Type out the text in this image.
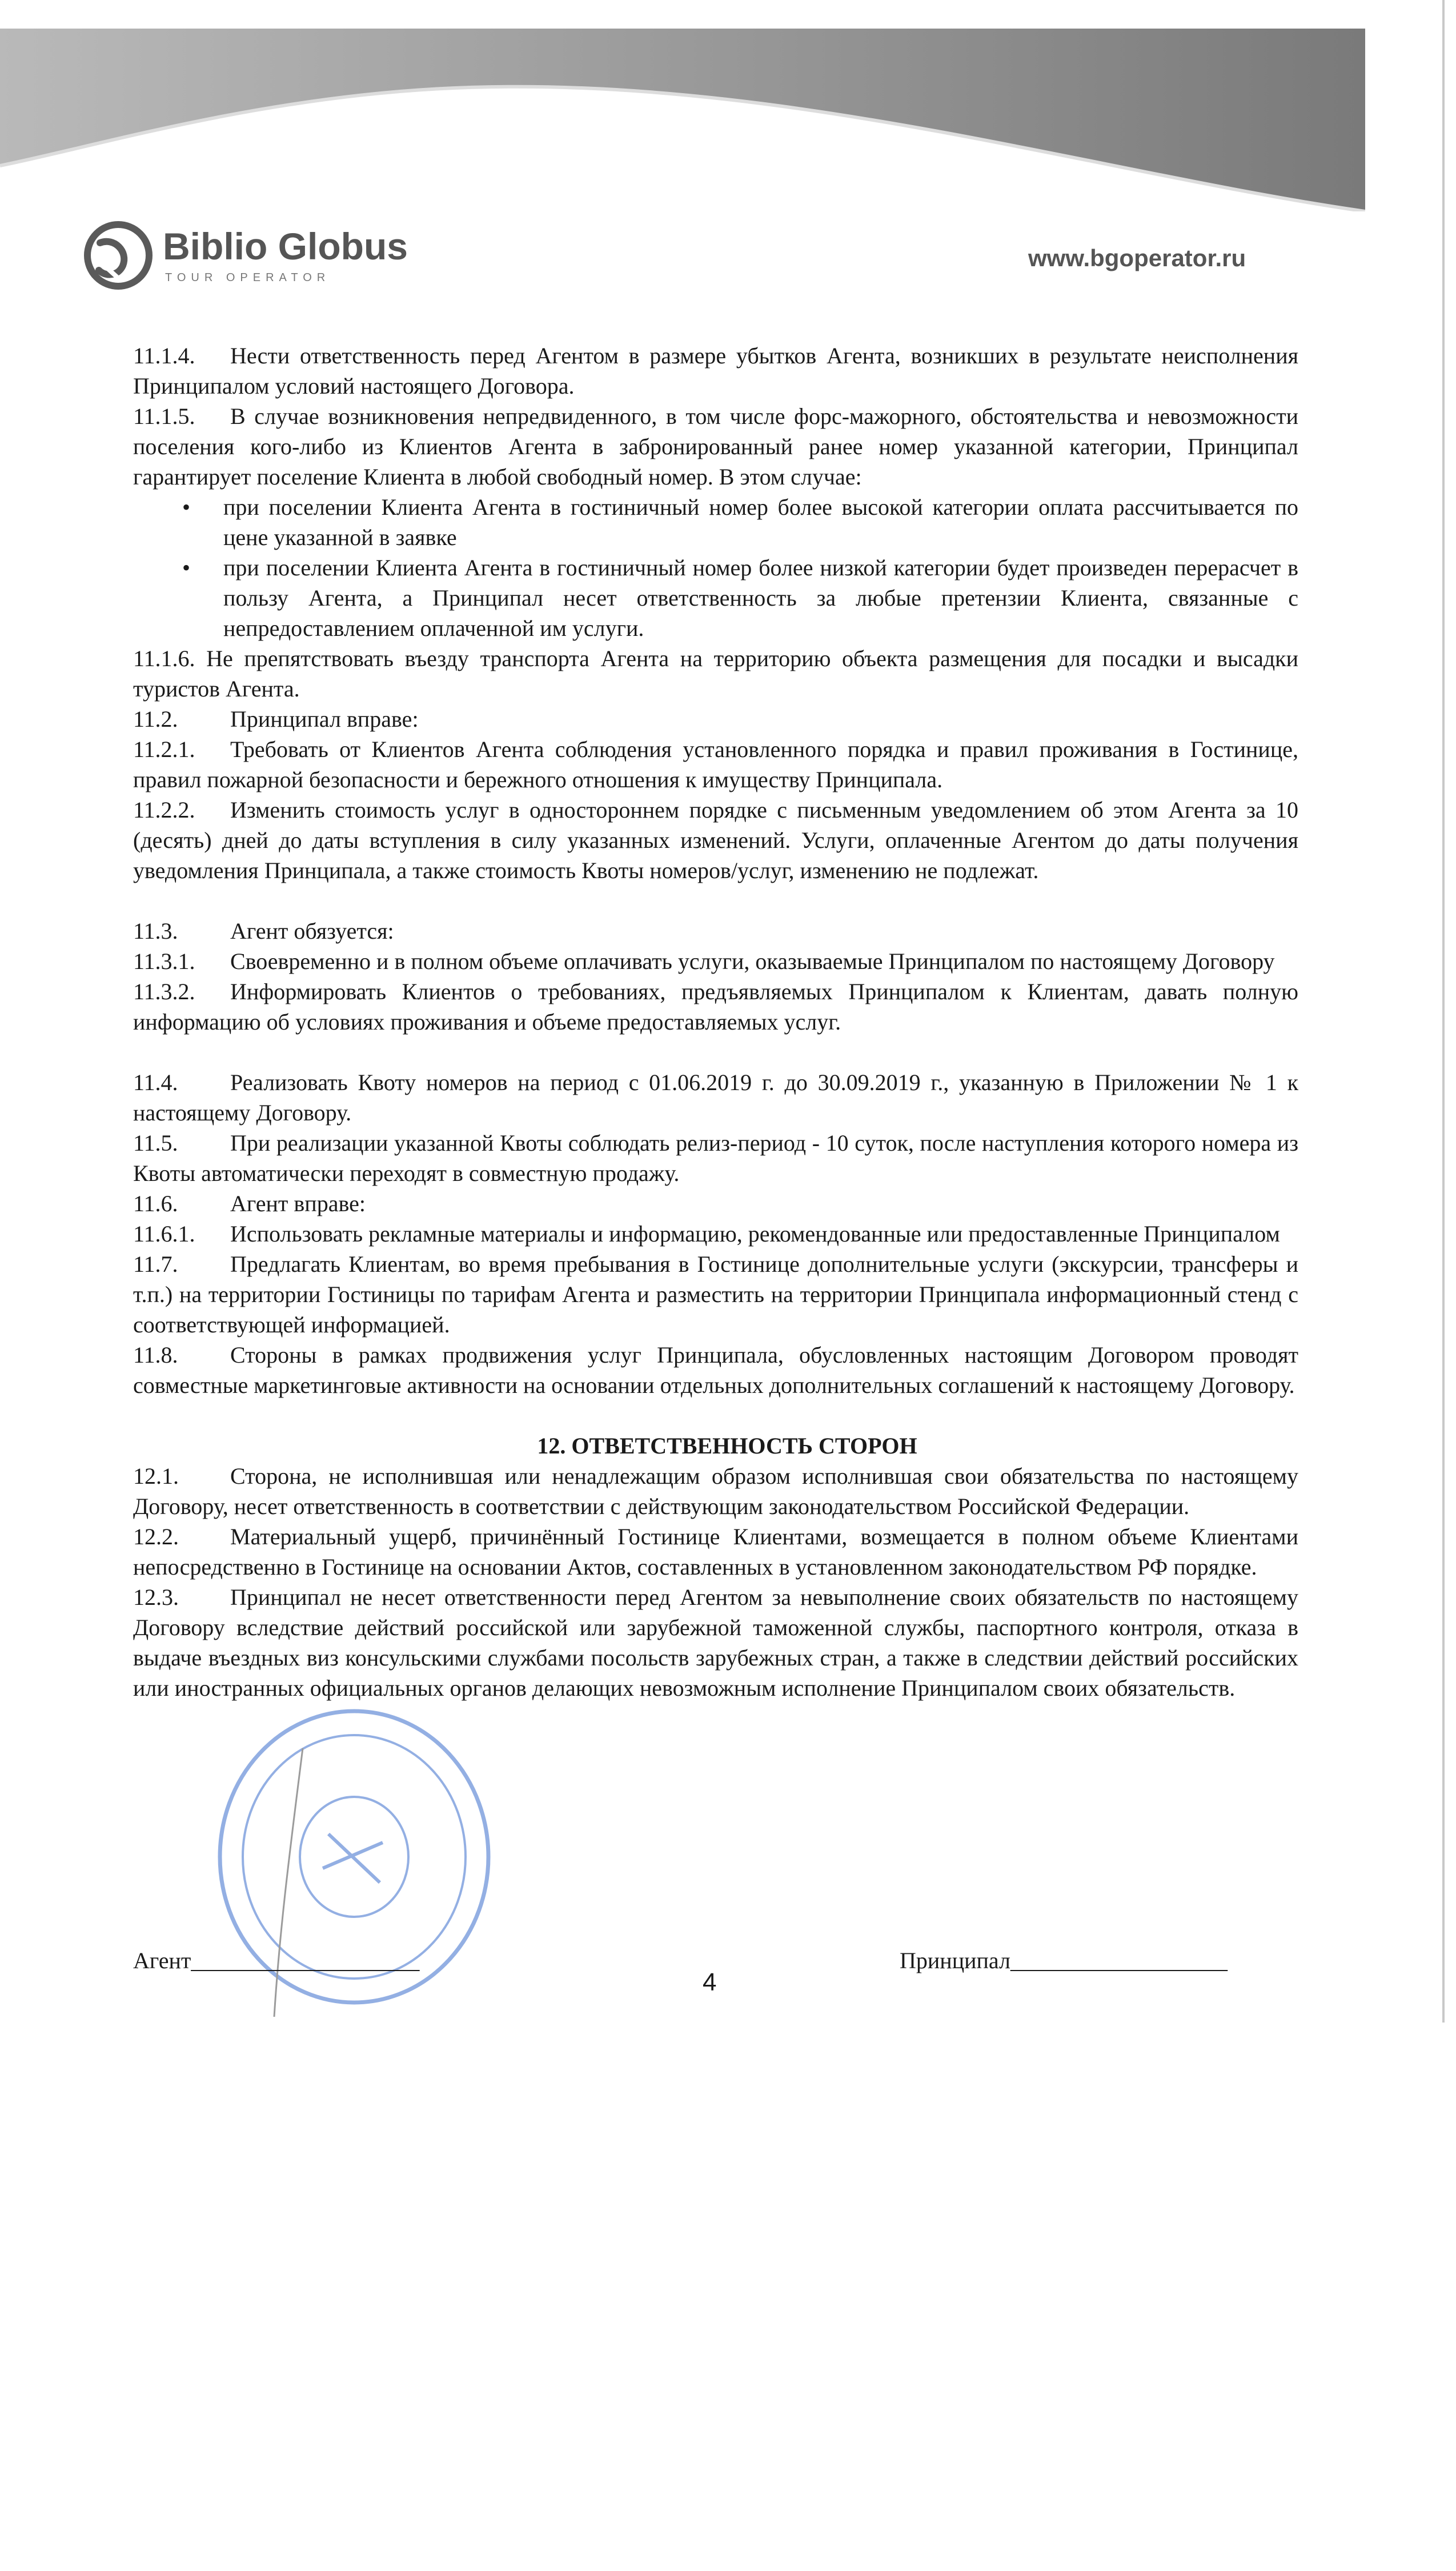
Biblio Globus
TOUR OPERATOR
www.bgoperator.ru

11.1.4. Нести ответственность перед Агентом в размере убытков Агента, возникших в результате неисполнения Принципалом условий настоящего Договора.

11.1.5. В случае возникновения непредвиденного, в том числе форс-мажорного, обстоятельства и невозможности поселения кого-либо из Клиентов Агента в забронированный ранее номер указанной категории, Принципал гарантирует поселение Клиента в любой свободный номер. В этом случае:

• при поселении Клиента Агента в гостиничный номер более высокой категории оплата рассчитывается по цене указанной в заявке
• при поселении Клиента Агента в гостиничный номер более низкой категории будет произведен перерасчет в пользу Агента, а Принципал несет ответственность за любые претензии Клиента, связанные с непредоставлением оплаченной им услуги.

11.1.6. Не препятствовать въезду транспорта Агента на территорию объекта размещения для посадки и высадки туристов Агента.

11.2. Принципал вправе:

11.2.1. Требовать от Клиентов Агента соблюдения установленного порядка и правил проживания в Гостинице, правил пожарной безопасности и бережного отношения к имуществу Принципала.

11.2.2. Изменить стоимость услуг в одностороннем порядке с письменным уведомлением об этом Агента за 10 (десять) дней до даты вступления в силу указанных изменений. Услуги, оплаченные Агентом до даты получения уведомления Принципала, а также стоимость Квоты номеров/услуг, изменению не подлежат.

11.3. Агент обязуется:

11.3.1. Своевременно и в полном объеме оплачивать услуги, оказываемые Принципалом по настоящему Договору

11.3.2. Информировать Клиентов о требованиях, предъявляемых Принципалом к Клиентам, давать полную информацию об условиях проживания и объеме предоставляемых услуг.

11.4. Реализовать Квоту номеров на период с 01.06.2019 г. до 30.09.2019 г., указанную в Приложении № 1 к настоящему Договору.

11.5. При реализации указанной Квоты соблюдать релиз-период - 10 суток, после наступления которого номера из Квоты автоматически переходят в совместную продажу.

11.6. Агент вправе:

11.6.1. Использовать рекламные материалы и информацию, рекомендованные или предоставленные Принципалом

11.7. Предлагать Клиентам, во время пребывания в Гостинице дополнительные услуги (экскурсии, трансферы и т.п.) на территории Гостиницы по тарифам Агента и разместить на территории Принципала информационный стенд с соответствующей информацией.

11.8. Стороны в рамках продвижения услуг Принципала, обусловленных настоящим Договором проводят совместные маркетинговые активности на основании отдельных дополнительных соглашений к настоящему Договору.

12. ОТВЕТСТВЕННОСТЬ СТОРОН

12.1. Сторона, не исполнившая или ненадлежащим образом исполнившая свои обязательства по настоящему Договору, несет ответственность в соответствии с действующим законодательством Российской Федерации.

12.2. Материальный ущерб, причинённый Гостинице Клиентами, возмещается в полном объеме Клиентами непосредственно в Гостинице на основании Актов, составленных в установленном законодательством РФ порядке.

12.3. Принципал не несет ответственности перед Агентом за невыполнение своих обязательств по настоящему Договору вследствие действий российской или зарубежной таможенной службы, паспортного контроля, отказа в выдаче въездных виз консульскими службами посольств зарубежных стран, а также в следствии действий российских или иностранных официальных органов делающих невозможным исполнение Принципалом своих обязательств.

Агент____________________	Принципал___________________
4
